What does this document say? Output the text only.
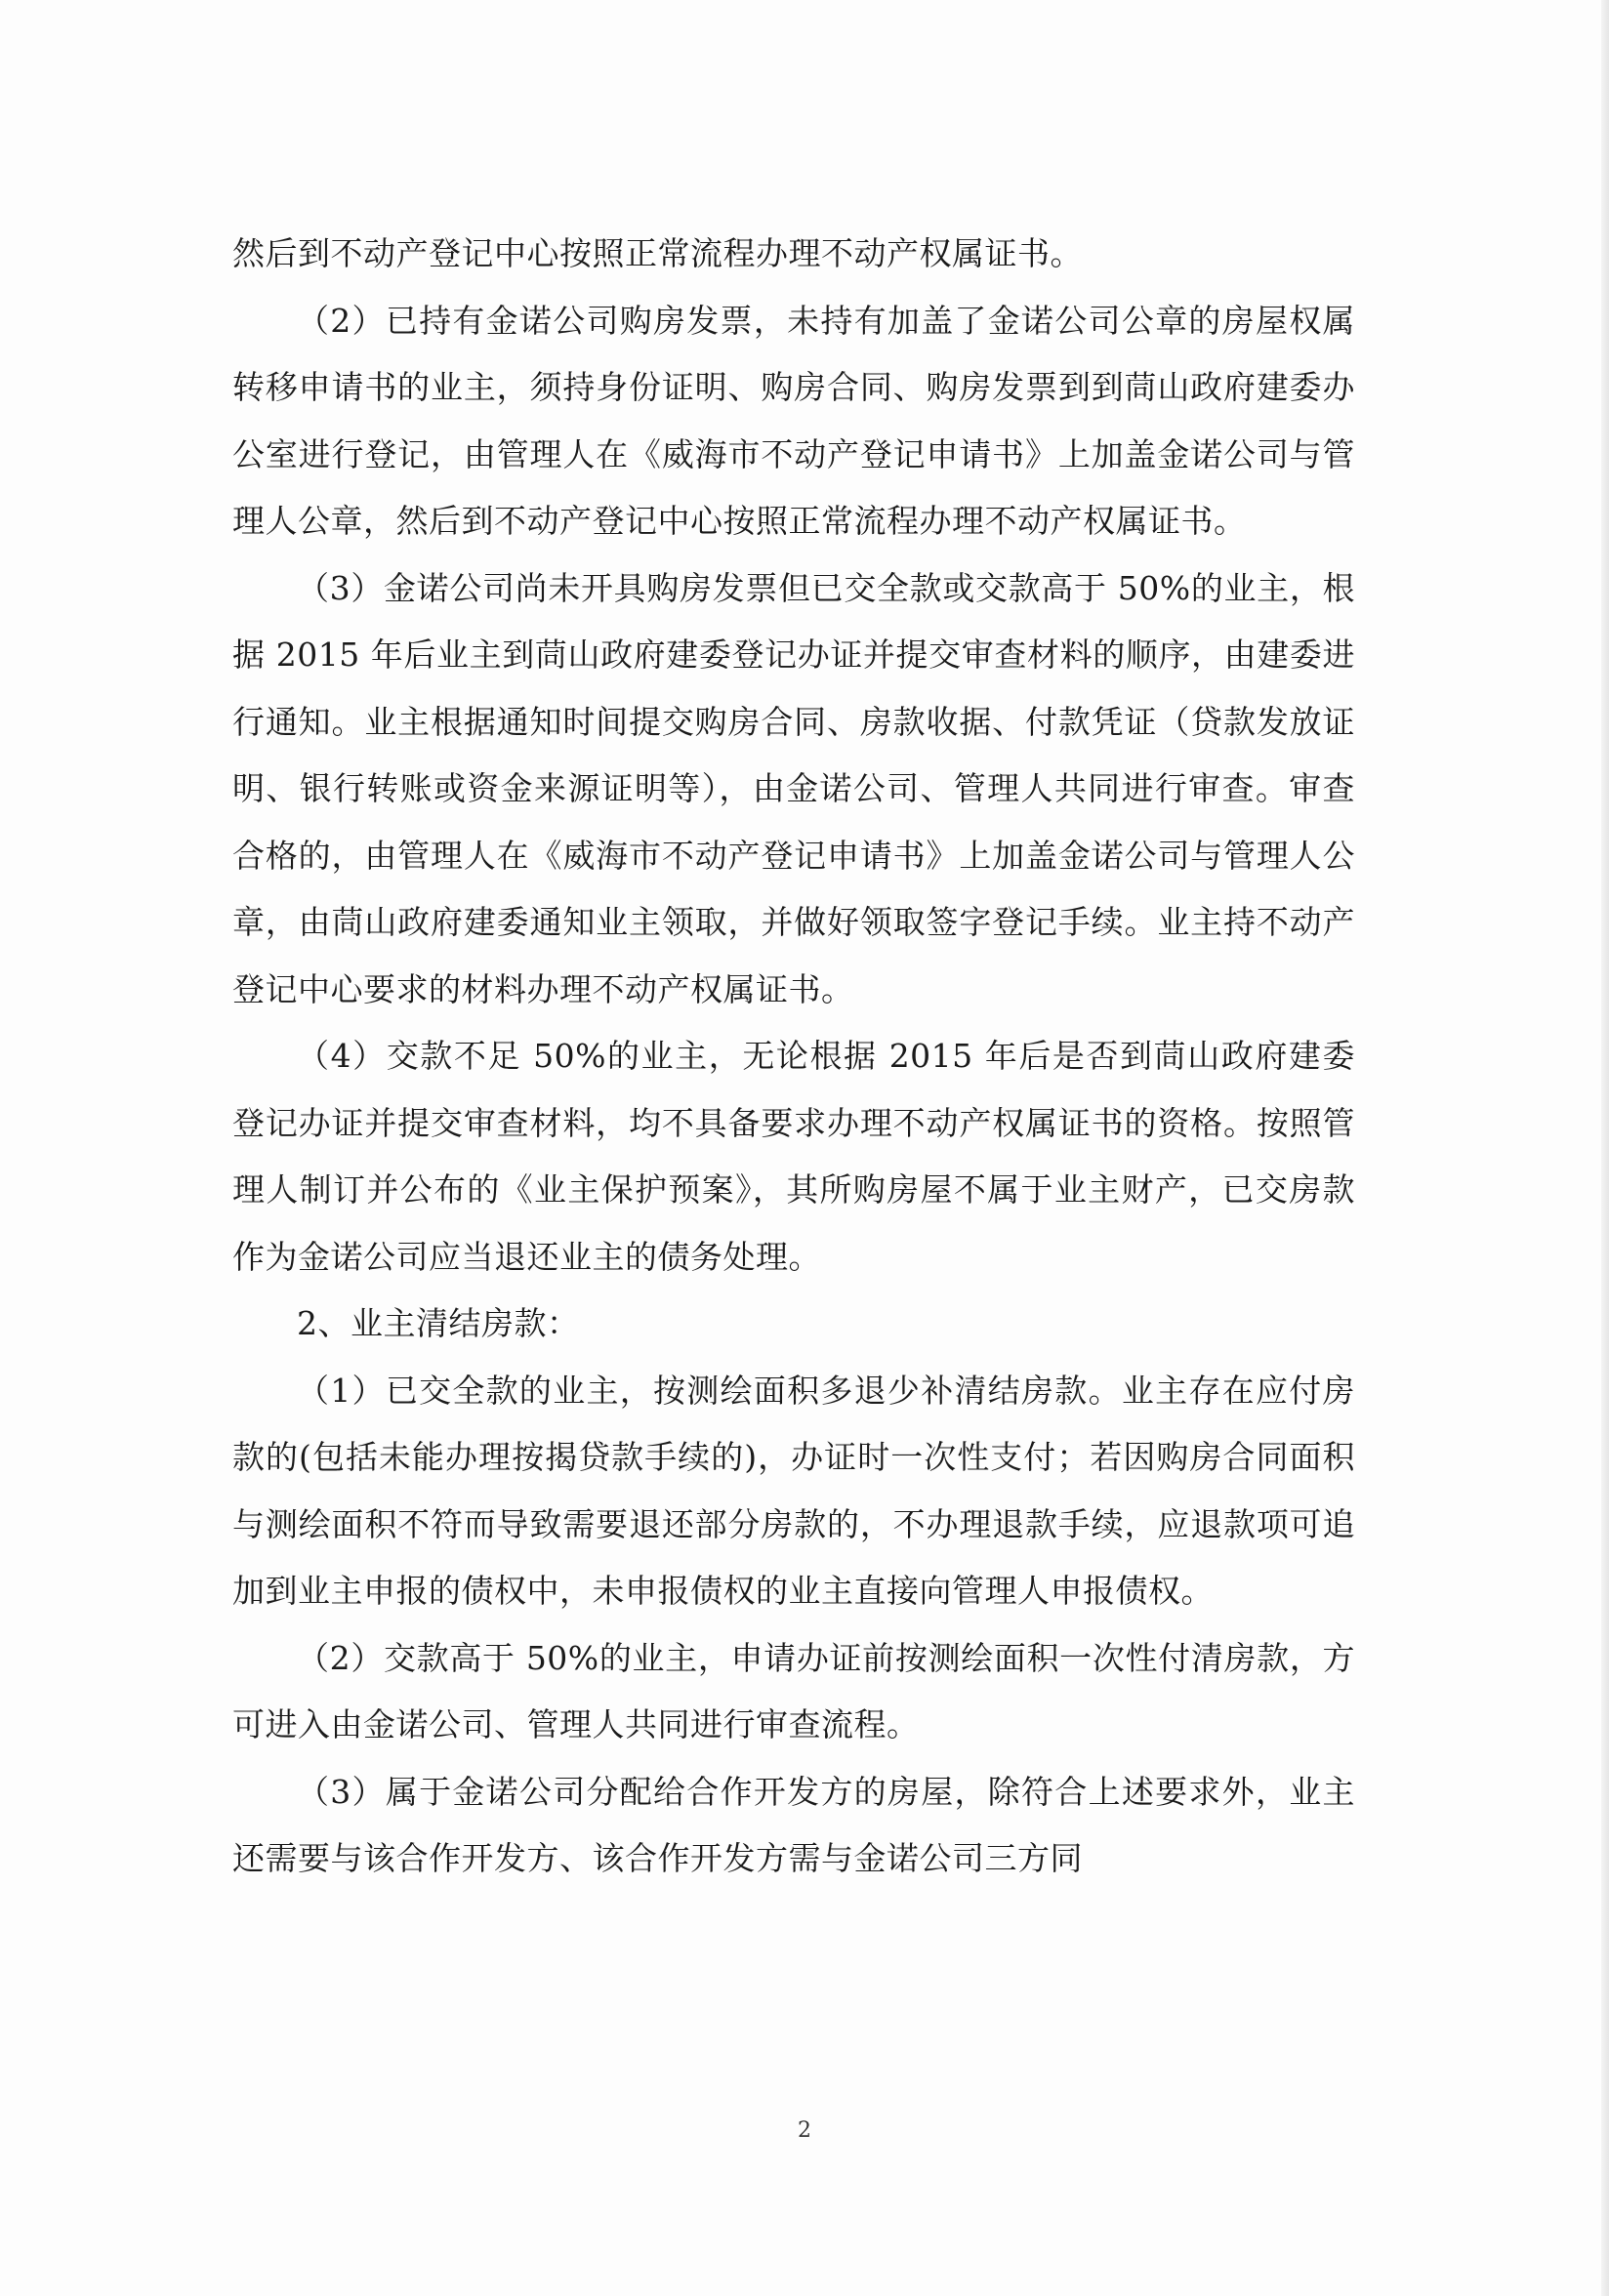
然后到不动产登记中心按照正常流程办理不动产权属证书。

（2）已持有金诺公司购房发票，未持有加盖了金诺公司公章的房屋权属转移申请书的业主，须持身份证明、购房合同、购房发票到到茼山政府建委办公室进行登记，由管理人在《威海市不动产登记申请书》上加盖金诺公司与管理人公章，然后到不动产登记中心按照正常流程办理不动产权属证书。

（3）金诺公司尚未开具购房发票但已交全款或交款高于 50%的业主，根据 2015 年后业主到茼山政府建委登记办证并提交审查材料的顺序，由建委进行通知。业主根据通知时间提交购房合同、房款收据、付款凭证（贷款发放证明、银行转账或资金来源证明等），由金诺公司、管理人共同进行审查。审查合格的，由管理人在《威海市不动产登记申请书》上加盖金诺公司与管理人公章，由茼山政府建委通知业主领取，并做好领取签字登记手续。业主持不动产登记中心要求的材料办理不动产权属证书。

（4）交款不足 50%的业主，无论根据 2015 年后是否到茼山政府建委登记办证并提交审查材料，均不具备要求办理不动产权属证书的资格。按照管理人制订并公布的《业主保护预案》，其所购房屋不属于业主财产，已交房款作为金诺公司应当退还业主的债务处理。

2、业主清结房款：

（1）已交全款的业主，按测绘面积多退少补清结房款。业主存在应付房款的(包括未能办理按揭贷款手续的)，办证时一次性支付；若因购房合同面积与测绘面积不符而导致需要退还部分房款的，不办理退款手续，应退款项可追加到业主申报的债权中，未申报债权的业主直接向管理人申报债权。

（2）交款高于 50%的业主，申请办证前按测绘面积一次性付清房款，方可进入由金诺公司、管理人共同进行审查流程。

（3）属于金诺公司分配给合作开发方的房屋，除符合上述要求外，业主还需要与该合作开发方、该合作开发方需与金诺公司三方同

2
